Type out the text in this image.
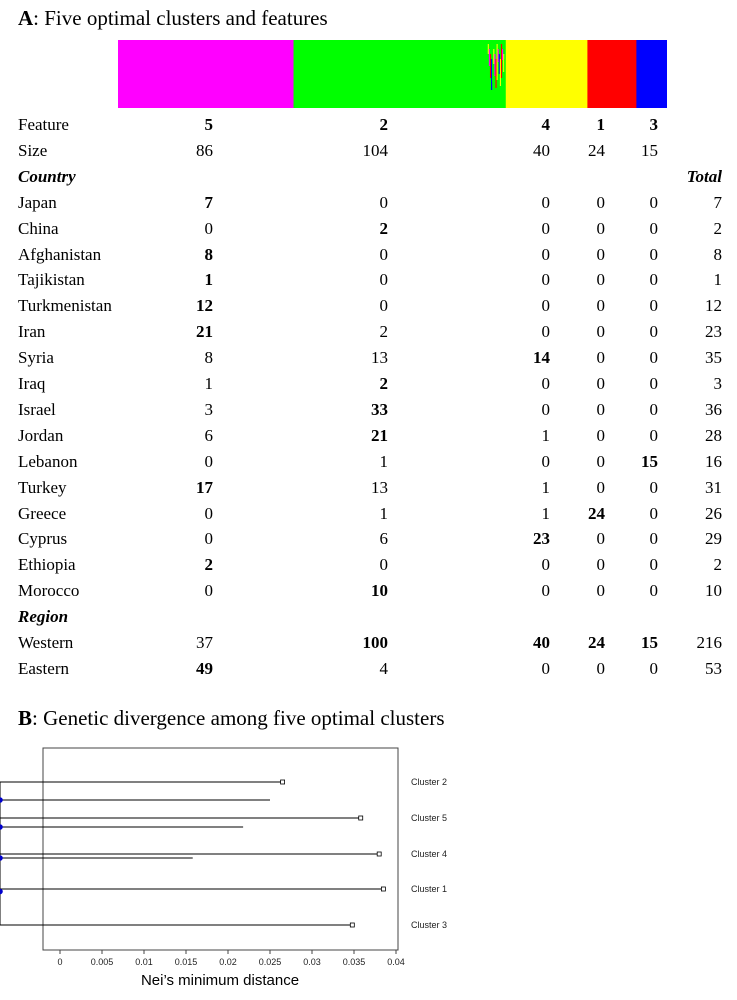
A: Five optimal clusters and features
Feature	5	2	4	1	3
Size	86	104	40 24 15
Country	Total
Japan	7	0	0	0	0	7
China	0	2	0	0	0	2
Afghanistan	8	0	0	0	0	8
Tajikistan	1	0	0	0	0	1
Turkmenistan	12	0	0	0	0	12
Iran	21	2	0	0	0	23
Syria	8	13	14	0	0	35
Iraq	1	2	0	0	0	3
Israel	3	33	0	0	0	36
Jordan	6	21	1	0	0	28
Lebanon	0	1	0	0 15	16
Turkey	17	13	1	0	0	31
Greece	0	1	1 24	0	26
Cyprus	0	6	23	0	0	29
Ethiopia	2	0	0	0	0	2
Morocco	0	10	0	0	0	10
Region
Western	37	100	40 24 15 216
Eastern	49	4	0	0	0	53
B: Genetic divergence among five optimal clusters
Cluster 2
Cluster 5
Cluster 4
Cluster 1
Cluster 3
0	0.005 0.01 0.015 0.02 0.025 0.03 0.035 0.04
Nei’s minimum distance
